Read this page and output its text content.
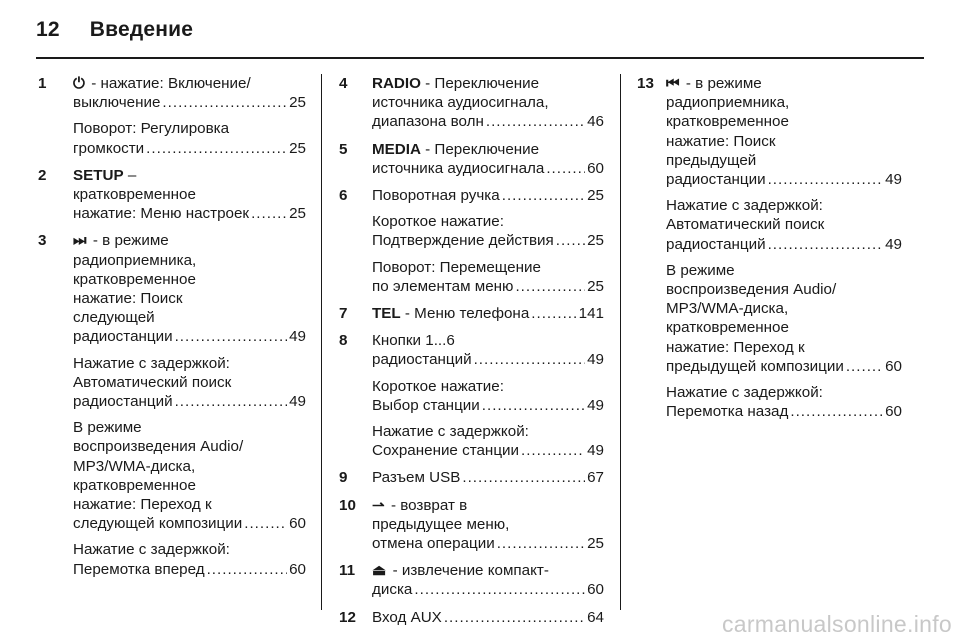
12 Введение
1 ⏻ - нажатие: Включение/
выключение .....	25
Поворот: Регулировка
громкости .....	25
2 SETUP –
кратковременное
нажатие: Меню настроек .....	25
3 ⏭ - в режиме
радиоприемника,
кратковременное
нажатие: Поиск
следующей
радиостанции .....	49
Нажатие с задержкой:
Автоматический поиск
радиостанций .....	49
В режиме
воспроизведения Audio/
MP3/WMA-диска,
кратковременное
нажатие: Переход к
следующей композиции .....	60
Нажатие с задержкой:
Перемотка вперед .....	60
4 RADIO - Переключение
источника аудиосигнала,
диапазона волн .....	46
5 MEDIA - Переключение
источника аудиосигнала .....	60
6 Поворотная ручка .....	25
Короткое нажатие:
Подтверждение действия ..... 25
Поворот: Перемещение
по элементам меню .....	25
7 TEL - Меню телефона .....	141
8 Кнопки 1...6
радиостанций .....	49
Короткое нажатие:
Выбор станции .....	49
Нажатие с задержкой:
Сохранение станции .....	49
9 Разъем USB .....	67
10 ⇀ - возврат в
предыдущее меню,
отмена операции .....	25
11 ⏏ - извлечение компакт-
диска .....	60
12 Вход AUX .....	64
13 ⏮ - в режиме
радиоприемника,
кратковременное
нажатие: Поиск
предыдущей
радиостанции .....	49
Нажатие с задержкой:
Автоматический поиск
радиостанций .....	49
В режиме
воспроизведения Audio/
MP3/WMA-диска,
кратковременное
нажатие: Переход к
предыдущей композиции .....	60
Нажатие с задержкой:
Перемотка назад .....	60
carmanualsonline.info
